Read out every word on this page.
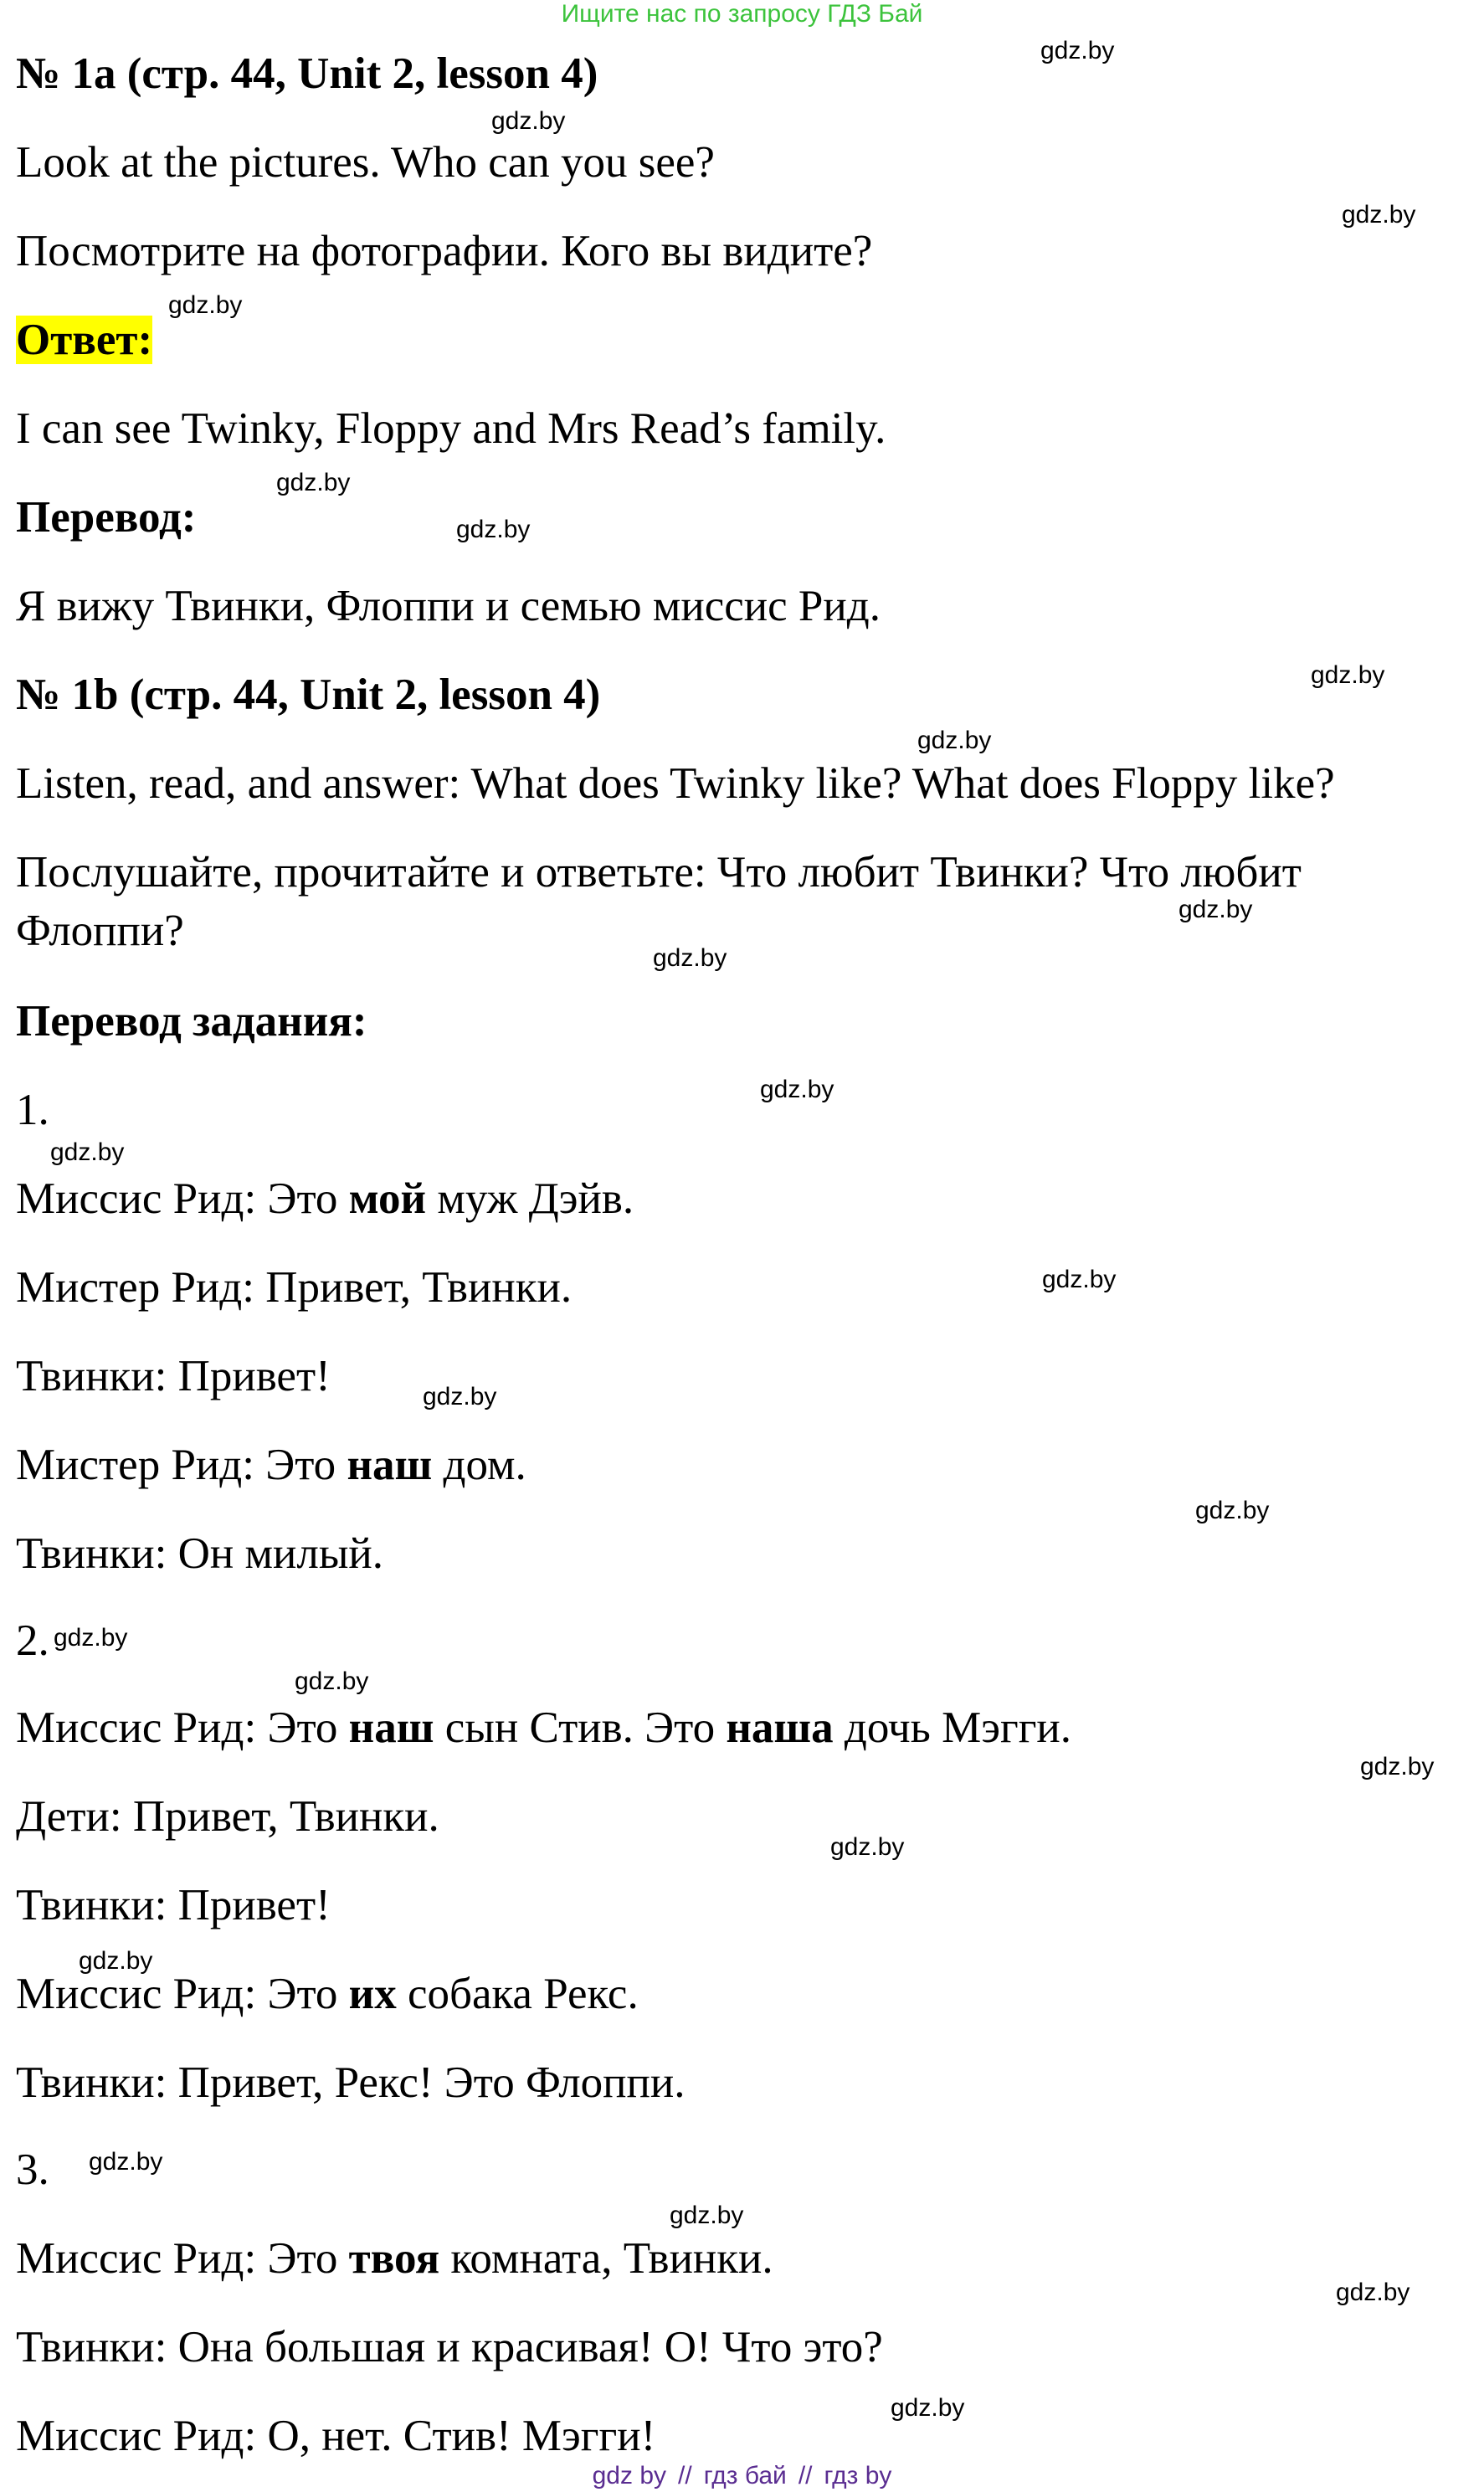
Ищите нас по запросу ГДЗ Бай
№ 1a (стр. 44, Unit 2, lesson 4)
Look at the pictures. Who can you see?
Посмотрите на фотографии. Кого вы видите?
Ответ:
I can see Twinky, Floppy and Mrs Read’s family.
Перевод:
Я вижу Твинки, Флоппи и семью миссис Рид.
№ 1b (стр. 44, Unit 2, lesson 4)
Listen, read, and answer: What does Twinky like? What does Floppy like?
Послушайте, прочитайте и ответьте: Что любит Твинки? Что любит
Флоппи?
Перевод задания:
1.
Миссис Рид: Это мой муж Дэйв.
Мистер Рид: Привет, Твинки.
Твинки: Привет!
Мистер Рид: Это наш дом.
Твинки: Он милый.
2.
Миссис Рид: Это наш сын Стив. Это наша дочь Мэгги.
Дети: Привет, Твинки.
Твинки: Привет!
Миссис Рид: Это их собака Рекс.
Твинки: Привет, Рекс! Это Флоппи.
3.
Миссис Рид: Это твоя комната, Твинки.
Твинки: Она большая и красивая! О! Что это?
Миссис Рид: О, нет. Стив! Мэгги!
gdz.by
gdz.by
gdz.by
gdz.by
gdz.by
gdz.by
gdz.by
gdz.by
gdz.by
gdz.by
gdz.by
gdz.by
gdz.by
gdz.by
gdz.by
gdz.by
gdz.by
gdz.by
gdz.by
gdz.by
gdz.by
gdz.by
gdz.by
gdz.by
gdz by // гдз бай // гдз by
